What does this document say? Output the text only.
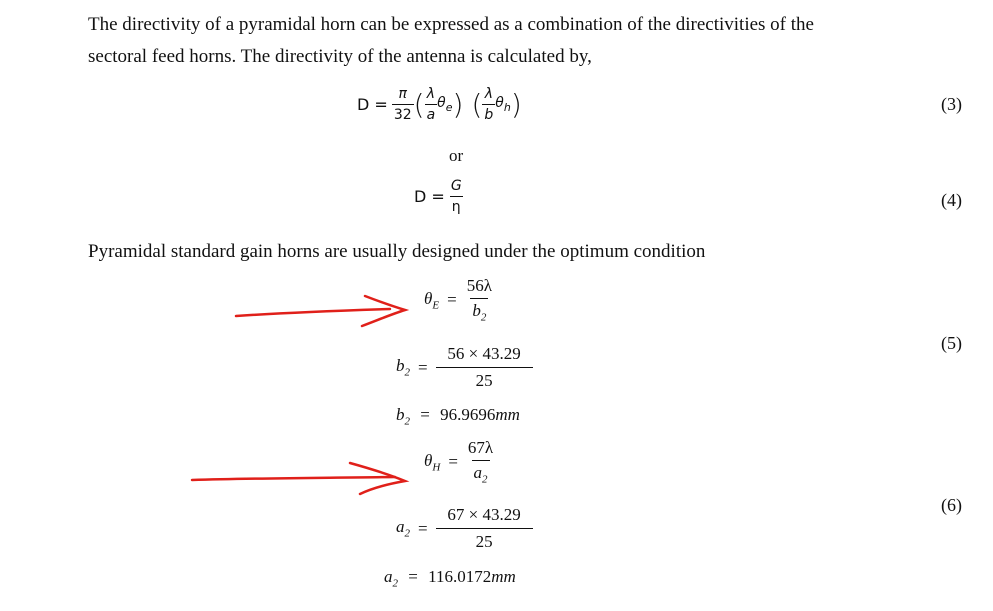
The directivity of a pyramidal horn can be expressed as a combination of the directivities of the
sectoral feed horns. The directivity of the antenna is calculated by,
$D = \frac{\pi}{32}$ ( $\frac{\lambda}{a} \theta_e$ ) ( $\frac{\lambda}{b} \theta_h$ )	(3)
or
$D = \frac{G}{\eta}$	(4)
Pyramidal standard gain horns are usually designed under the optimum condition
$\theta_E = \frac{56\lambda}{b_2}$
$b_2 = \frac{56 \times 43.29}{25}$
(5)
$b_2 = 96.9696mm$
$\theta_H = \frac{67\lambda}{a_2}$
$a_2 = \frac{67 \times 43.29}{25}$	(6)
$a_2 = 116.0172mm$
